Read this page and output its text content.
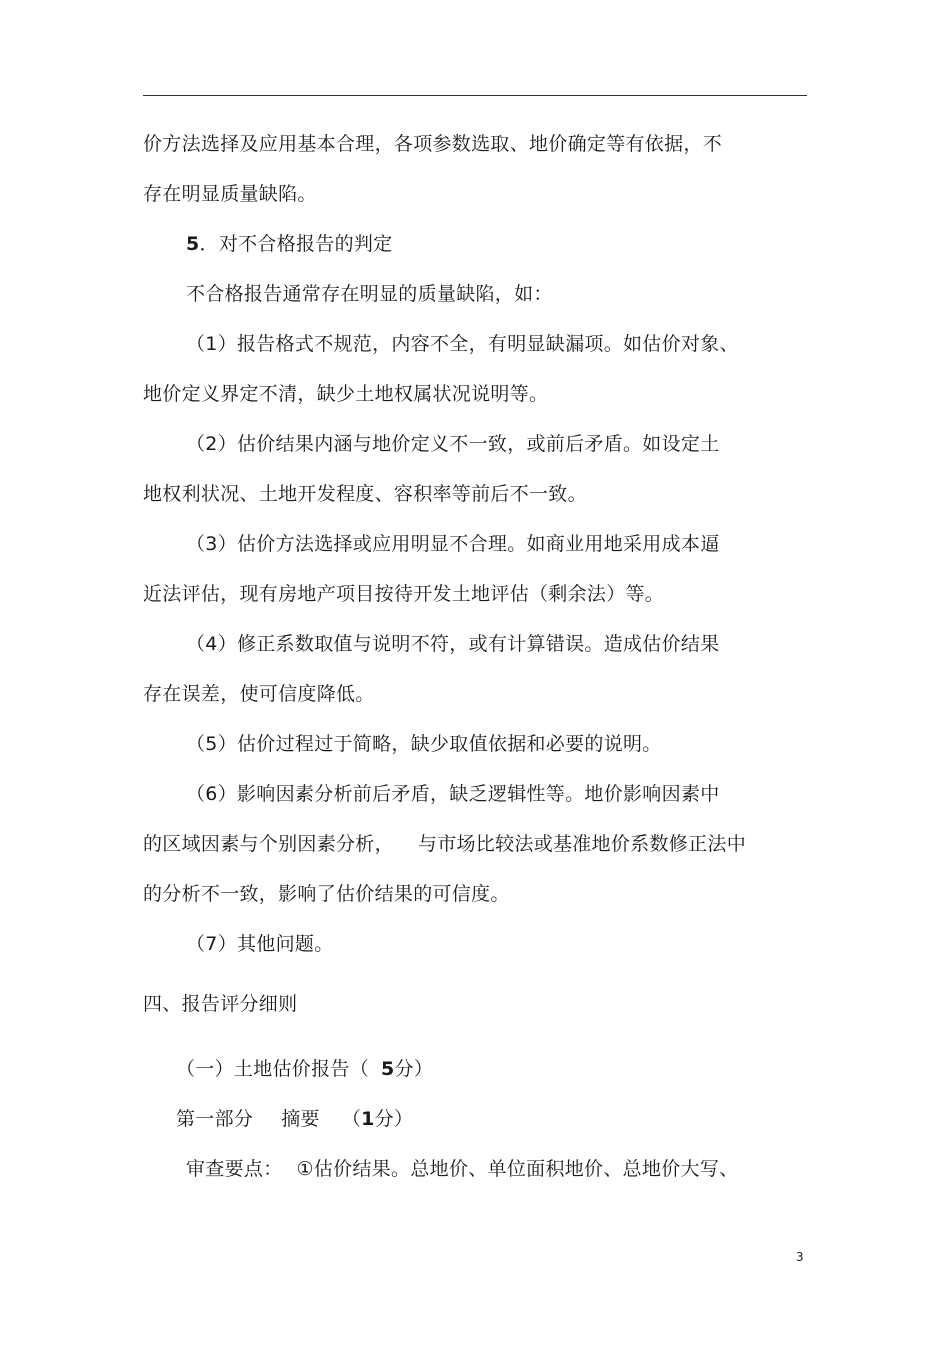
价方法选择及应用基本合理，各项参数选取、地价确定等有依据，不
存在明显质量缺陷。
5．对不合格报告的判定
不合格报告通常存在明显的质量缺陷，如：
（1）报告格式不规范，内容不全，有明显缺漏项。如估价对象、
地价定义界定不清，缺少土地权属状况说明等。
（2）估价结果内涵与地价定义不一致，或前后矛盾。如设定土
地权利状况、土地开发程度、容积率等前后不一致。
（3）估价方法选择或应用明显不合理。如商业用地采用成本逼
近法评估，现有房地产项目按待开发土地评估（剩余法）等。
（4）修正系数取值与说明不符，或有计算错误。造成估价结果
存在误差，使可信度降低。
（5）估价过程过于简略，缺少取值依据和必要的说明。
（6）影响因素分析前后矛盾，缺乏逻辑性等。地价影响因素中
的区域因素与个别因素分析， 与市场比较法或基准地价系数修正法中
的分析不一致，影响了估价结果的可信度。
（7）其他问题。
四、报告评分细则
（一）土地估价报告（ 5分）
第一部分 摘要 （1分）
审查要点： ①估价结果。总地价、单位面积地价、总地价大写、
3
